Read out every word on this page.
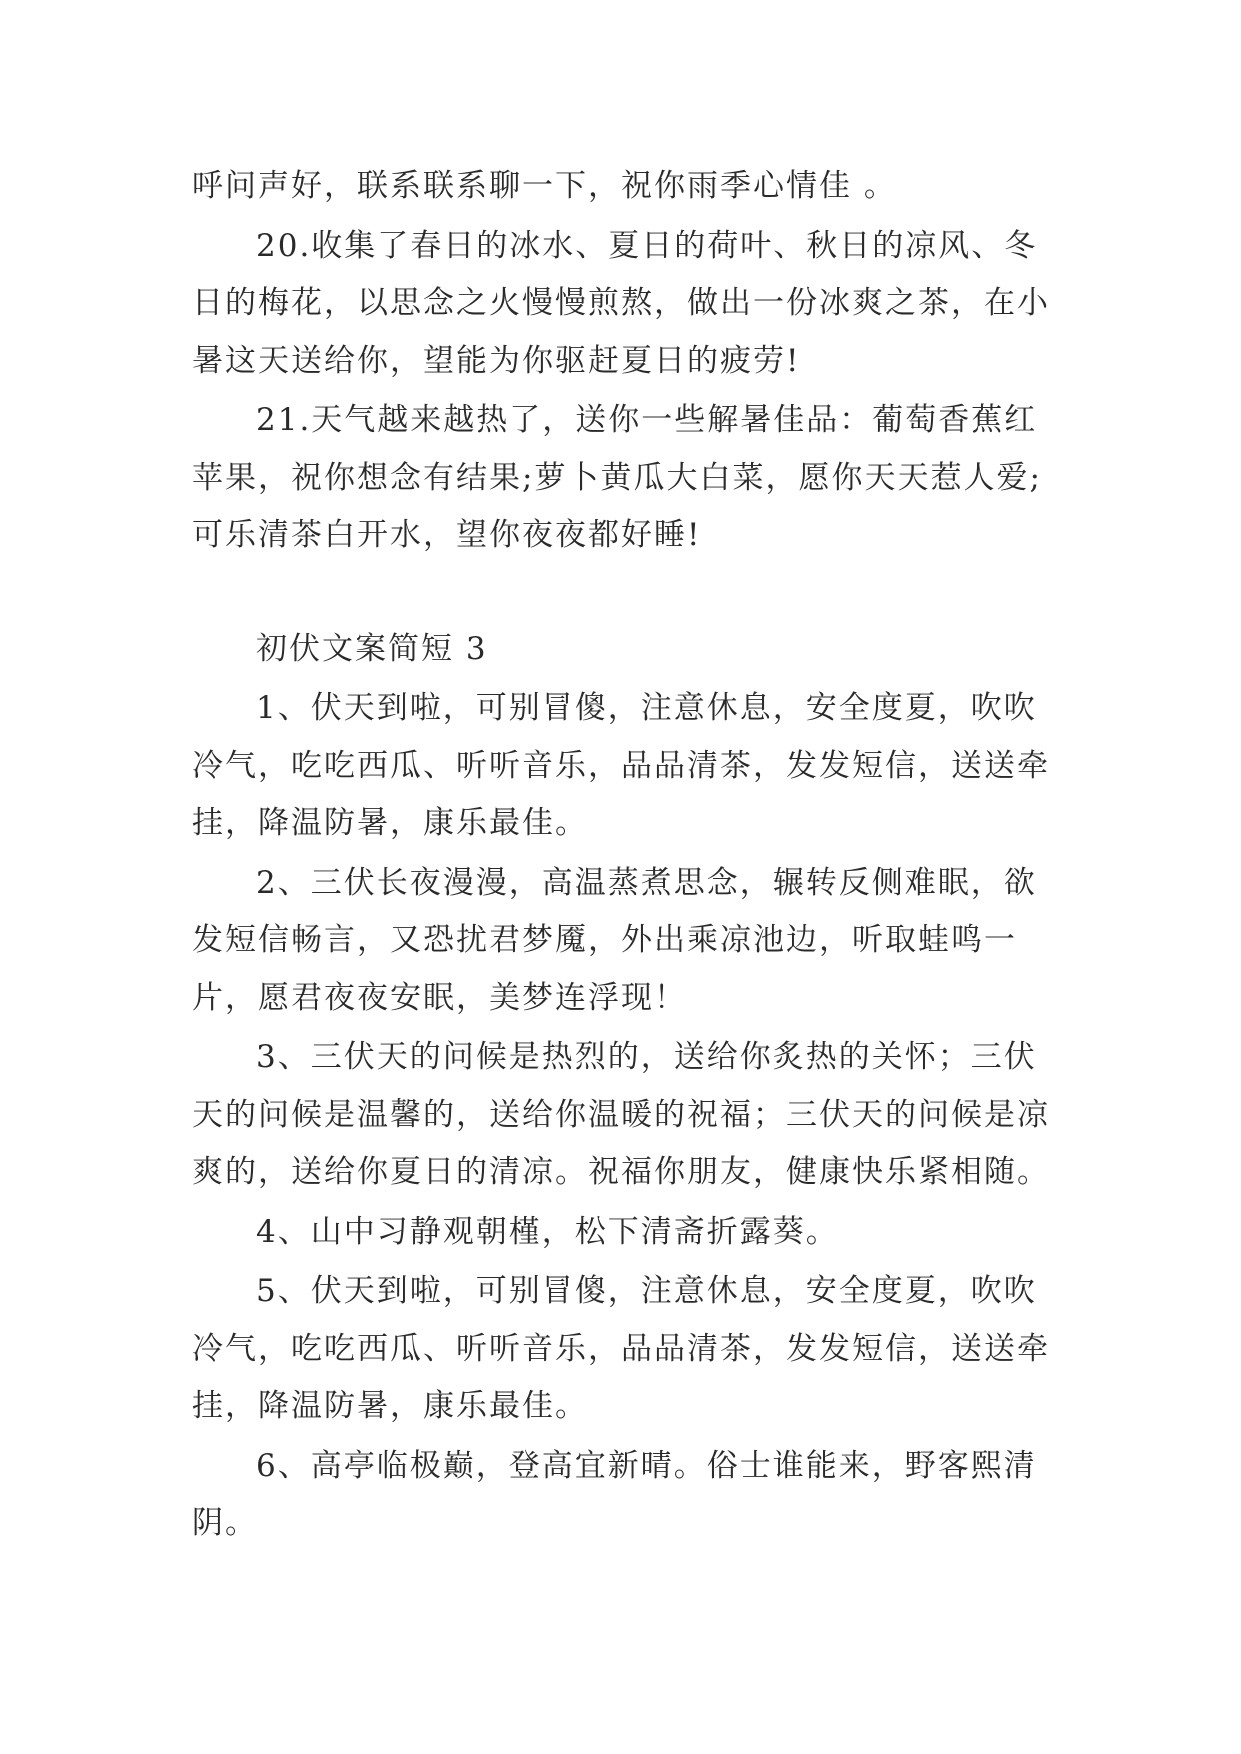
呼问声好，联系联系聊一下，祝你雨季心情佳 。

20.收集了春日的冰水、夏日的荷叶、秋日的凉风、冬日的梅花，以思念之火慢慢煎熬，做出一份冰爽之茶，在小暑这天送给你，望能为你驱赶夏日的疲劳!

21.天气越来越热了，送你一些解暑佳品：葡萄香蕉红苹果，祝你想念有结果;萝卜黄瓜大白菜，愿你天天惹人爱;可乐清茶白开水，望你夜夜都好睡!

初伏文案简短 3

1、伏天到啦，可别冒傻，注意休息，安全度夏，吹吹冷气，吃吃西瓜、听听音乐，品品清茶，发发短信，送送牵挂，降温防暑，康乐最佳。

2、三伏长夜漫漫，高温蒸煮思念，辗转反侧难眠，欲发短信畅言，又恐扰君梦魇，外出乘凉池边，听取蛙鸣一片，愿君夜夜安眠，美梦连浮现！

3、三伏天的问候是热烈的，送给你炙热的关怀；三伏天的问候是温馨的，送给你温暖的祝福；三伏天的问候是凉爽的，送给你夏日的清凉。祝福你朋友，健康快乐紧相随。

4、山中习静观朝槿，松下清斋折露葵。

5、伏天到啦，可别冒傻，注意休息，安全度夏，吹吹冷气，吃吃西瓜、听听音乐，品品清茶，发发短信，送送牵挂，降温防暑，康乐最佳。

6、高亭临极巅，登高宜新晴。俗士谁能来，野客熙清阴。
